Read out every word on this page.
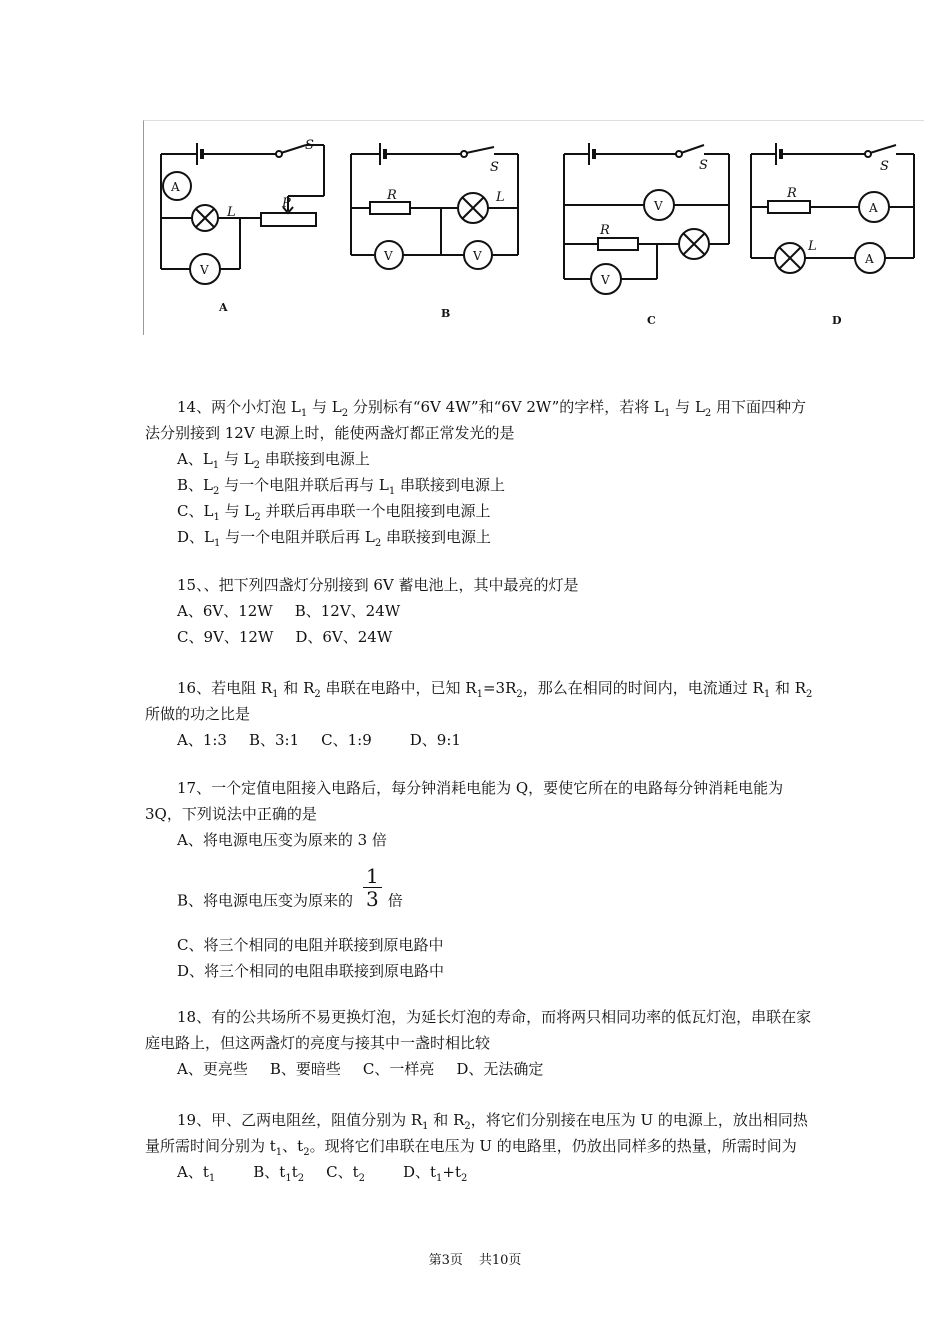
S
L
P
A
V
A
S
R	L
V	V
B
S
R
V
V
C
S
R
L
A
A
D

14、两个小灯泡 $L_1$ 与 $L_2$ 分别标有“6V 4W”和“6V 2W”的字样，若将 $L_1$ 与 $L_2$ 用下面四种方法分别接到 12V 电源上时，能使两盏灯都正常发光的是

A、$L_1$ 与 $L_2$ 串联接到电源上

B、$L_2$ 与一个电阻并联后再与 $L_1$ 串联接到电源上

C、$L_1$ 与 $L_2$ 并联后再串联一个电阻接到电源上

D、$L_1$ 与一个电阻并联后再 $L_2$ 串联接到电源上

15、、把下列四盏灯分别接到 6V 蓄电池上，其中最亮的灯是

A、6V、12W B、12V、24W

C、9V、12W D、6V、24W

16、若电阻 $R_1$ 和 $R_2$ 串联在电路中，已知 $R_1=3R_2$，那么在相同的时间内，电流通过 $R_1$ 和 $R_2$ 所做的功之比是

A、1:3 B、3:1 C、1:9	D、9:1

17、一个定值电阻接入电路后，每分钟消耗电能为 Q，要使它所在的电路每分钟消耗电能为 3Q，下列说法中正确的是

A、将电源电压变为原来的 3 倍

B、将电源电压变为原来的 $\frac{1}{3}$ 倍

C、将三个相同的电阻并联接到原电路中

D、将三个相同的电阻串联接到原电路中

18、有的公共场所不易更换灯泡，为延长灯泡的寿命，而将两只相同功率的低瓦灯泡，串联在家庭电路上，但这两盏灯的亮度与接其中一盏时相比较

A、更亮些 B、要暗些 C、一样亮 D、无法确定

19、甲、乙两电阻丝，阻值分别为 $R_1$ 和 $R_2$，将它们分别接在电压为 U 的电源上，放出相同热量所需时间分别为 $t_1$、$t_2$。现将它们串联在电压为 U 的电路里，仍放出同样多的热量，所需时间为

A、$t_1$	B、$t_1t_2$ C、$t_2$	D、$t_1+t_2$

第3页 共10页
